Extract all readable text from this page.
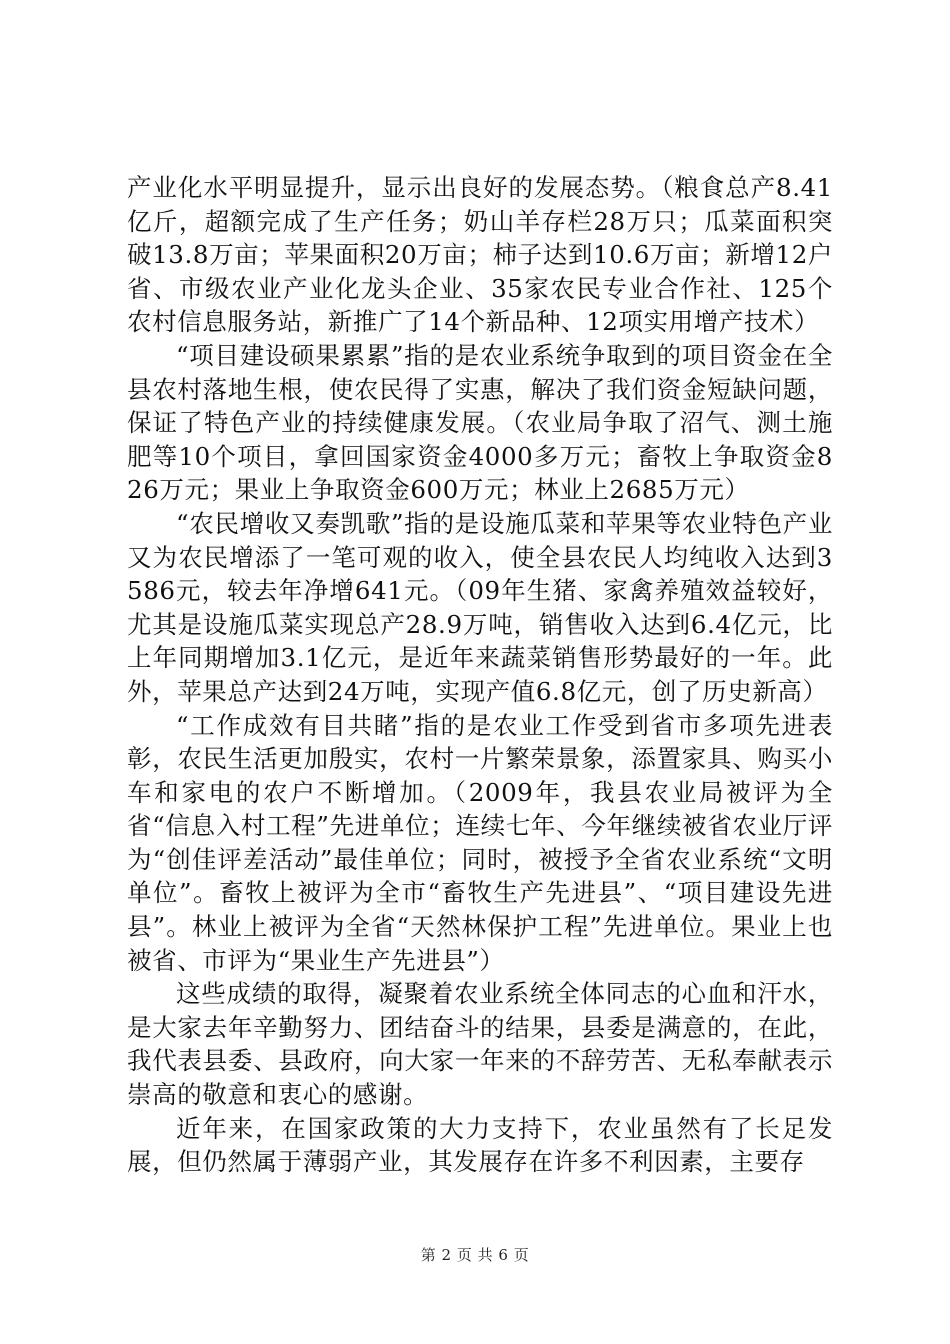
产业化水平明显提升，显示出良好的发展态势。（粮食总产8.41亿斤，超额完成了生产任务；奶山羊存栏28万只；瓜菜面积突破13.8万亩；苹果面积20万亩；柿子达到10.6万亩；新增12户省、市级农业产业化龙头企业、35家农民专业合作社、125个农村信息服务站，新推广了14个新品种、12项实用增产技术）

“项目建设硕果累累”指的是农业系统争取到的项目资金在全县农村落地生根，使农民得了实惠，解决了我们资金短缺问题，保证了特色产业的持续健康发展。（农业局争取了沼气、测土施肥等10个项目，拿回国家资金4000多万元；畜牧上争取资金826万元；果业上争取资金600万元；林业上2685万元）

“农民增收又奏凯歌”指的是设施瓜菜和苹果等农业特色产业又为农民增添了一笔可观的收入，使全县农民人均纯收入达到3586元，较去年净增641元。（09年生猪、家禽养殖效益较好，尤其是设施瓜菜实现总产28.9万吨，销售收入达到6.4亿元，比上年同期增加3.1亿元，是近年来蔬菜销售形势最好的一年。此外，苹果总产达到24万吨，实现产值6.8亿元，创了历史新高）

“工作成效有目共睹”指的是农业工作受到省市多项先进表彰，农民生活更加殷实，农村一片繁荣景象，添置家具、购买小车和家电的农户不断增加。（2009年，我县农业局被评为全省“信息入村工程”先进单位；连续七年、今年继续被省农业厅评为“创佳评差活动”最佳单位；同时，被授予全省农业系统“文明单位”。畜牧上被评为全市“畜牧生产先进县”、“项目建设先进县”。林业上被评为全省“天然林保护工程”先进单位。果业上也被省、市评为“果业生产先进县”）

这些成绩的取得，凝聚着农业系统全体同志的心血和汗水，是大家去年辛勤努力、团结奋斗的结果，县委是满意的，在此，我代表县委、县政府，向大家一年来的不辞劳苦、无私奉献表示崇高的敬意和衷心的感谢。

近年来，在国家政策的大力支持下，农业虽然有了长足发展，但仍然属于薄弱产业，其发展存在许多不利因素，主要存

第 2 页 共 6 页
